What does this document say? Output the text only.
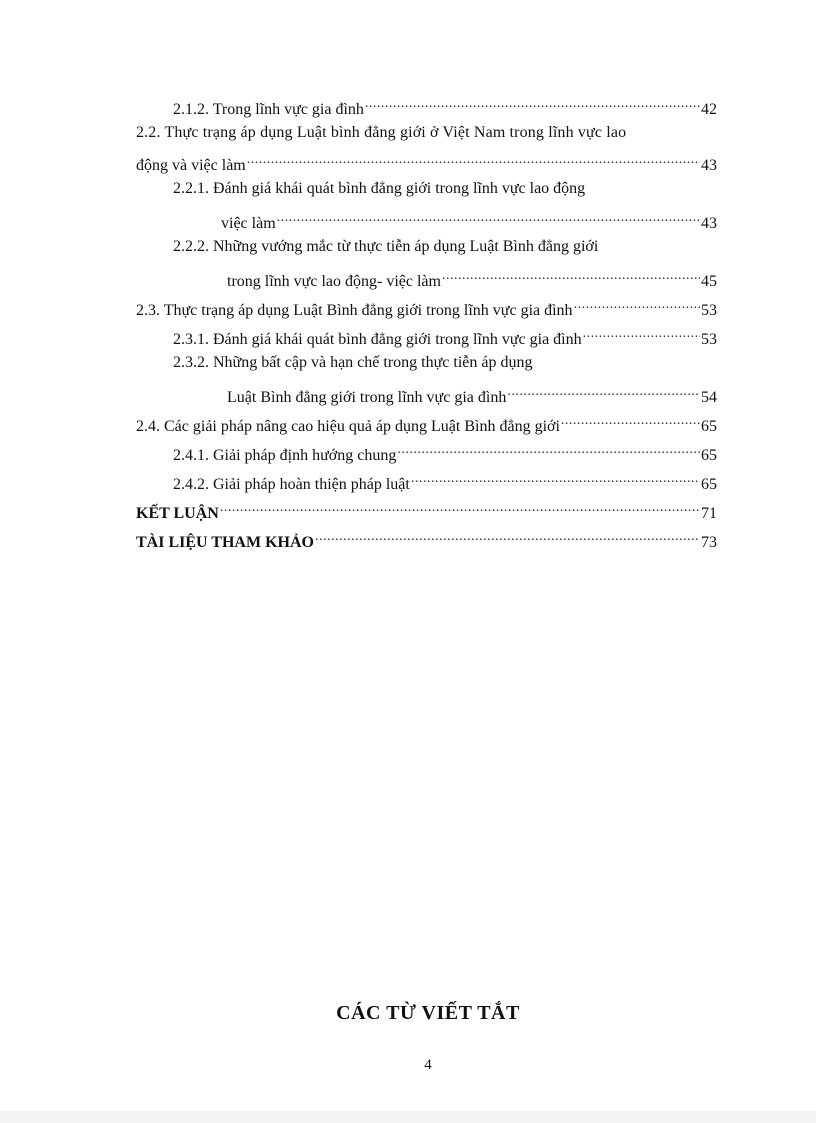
2.1.2. Trong lĩnh vực gia đình .....	42
2.2. Thực trạng áp dụng Luật bình đẳng giới ở Việt Nam trong lĩnh vực lao
động và việc làm .....	43
2.2.1. Đánh giá khái quát bình đẳng giới trong lĩnh vực lao động
việc làm .....	43
2.2.2. Những vướng mắc từ thực tiễn áp dụng Luật Bình đẳng giới
trong lĩnh vực lao động- việc làm .....	45
2.3. Thực trạng áp dụng Luật Bình đẳng giới trong lĩnh vực gia đình .....	53
2.3.1. Đánh giá khái quát bình đẳng giới trong lĩnh vực gia đình .....	53
2.3.2. Những bất cập và hạn chế trong thực tiễn áp dụng
Luật Bình đẳng giới trong lĩnh vực gia đình .....	54
2.4. Các giải pháp nâng cao hiệu quả áp dụng Luật Bình đẳng giới .....	65
2.4.1. Giải pháp định hướng chung .....	65
2.4.2. Giải pháp hoàn thiện pháp luật .....	65
KẾT LUẬN .....	71
TÀI LIỆU THAM KHẢO .....	73
CÁC TỪ VIẾT TẮT
4
